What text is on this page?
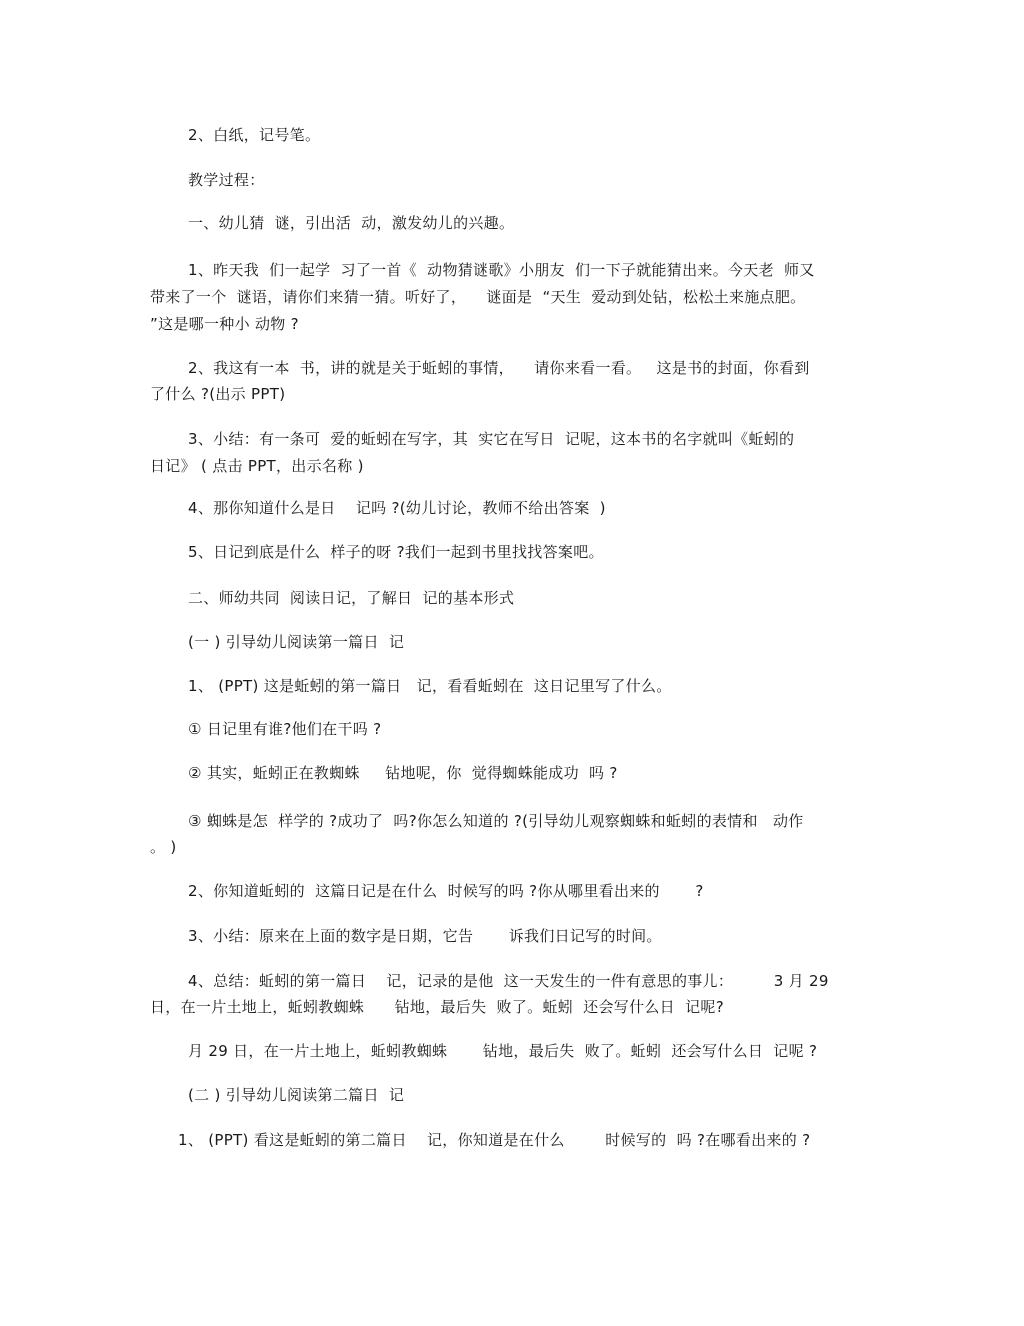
2、白纸，记号笔。
教学过程：
一、幼儿猜  谜，引出活  动，激发幼儿的兴趣。
1、昨天我  们一起学  习了一首《  动物猜谜歌》小朋友  们一下子就能猜出来。今天老  师又
带来了一个  谜语，请你们来猜一猜。听好了，    谜面是  “天生  爱动到处钻，松松土来施点肥。
”这是哪一种小 动物 ?
2、我这有一本  书，讲的就是关于蚯蚓的事情，    请你来看一看。   这是书的封面，你看到
了什么 ?(出示 PPT)
3、小结：有一条可  爱的蚯蚓在写字，其  实它在写日  记呢，这本书的名字就叫《蚯蚓的
日记》 ( 点击 PPT，出示名称 )
4、那你知道什么是日    记吗 ?(幼儿讨论，教师不给出答案  )
5、日记到底是什么  样子的呀 ?我们一起到书里找找答案吧。
二、师幼共同  阅读日记，了解日  记的基本形式
(一 ) 引导幼儿阅读第一篇日  记
1、 (PPT) 这是蚯蚓的第一篇日   记，看看蚯蚓在  这日记里写了什么。
① 日记里有谁?他们在干吗 ?
② 其实，蚯蚓正在教蜘蛛     钻地呢，你  觉得蜘蛛能成功  吗 ?
③ 蜘蛛是怎  样学的 ?成功了  吗?你怎么知道的 ?(引导幼儿观察蜘蛛和蚯蚓的表情和   动作
。 )
2、你知道蚯蚓的  这篇日记是在什么  时候写的吗 ?你从哪里看出来的       ?
3、小结：原来在上面的数字是日期，它告       诉我们日记写的时间。
4、总结：蚯蚓的第一篇日    记，记录的是他  这一天发生的一件有意思的事儿：        3 月 29
日，在一片土地上，蚯蚓教蜘蛛      钻地，最后失  败了。蚯蚓  还会写什么日  记呢?
月 29 日，在一片土地上，蚯蚓教蜘蛛       钻地，最后失  败了。蚯蚓  还会写什么日  记呢 ?
(二 ) 引导幼儿阅读第二篇日  记
1、 (PPT) 看这是蚯蚓的第二篇日    记，你知道是在什么        时候写的  吗 ?在哪看出来的 ?
